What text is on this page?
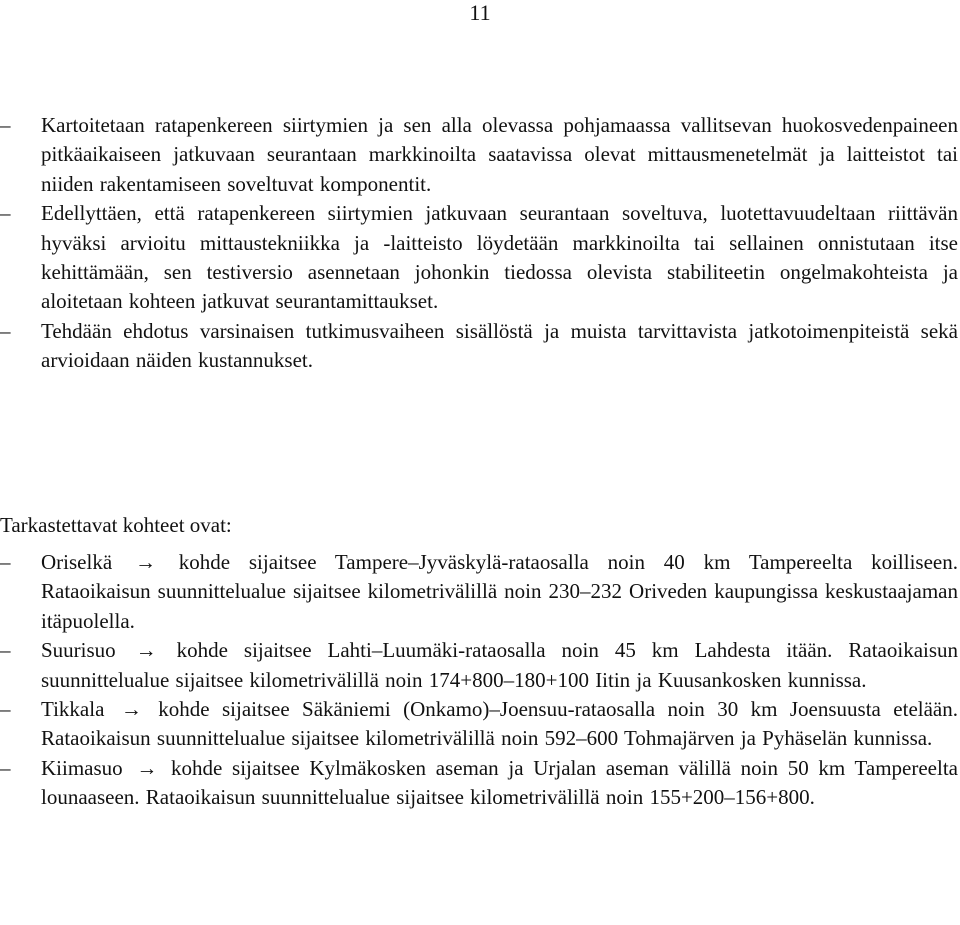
11
–	Kartoitetaan ratapenkereen siirtymien ja sen alla olevassa pohjamaassa vallitsevan huokosvedenpaineen pitkäaikaiseen jatkuvaan seurantaan markkinoilta saatavissa olevat mittausmenetelmät ja laitteistot tai niiden rakentamiseen soveltuvat komponentit.
–	Edellyttäen, että ratapenkereen siirtymien jatkuvaan seurantaan soveltuva, luotettavuudeltaan riittävän hyväksi arvioitu mittaustekniikka ja -laitteisto löydetään markkinoilta tai sellainen onnistutaan itse kehittämään, sen testiversio asennetaan johonkin tiedossa olevista stabiliteetin ongelmakohteista ja aloitetaan kohteen jatkuvat seurantamittaukset.
–	Tehdään ehdotus varsinaisen tutkimusvaiheen sisällöstä ja muista tarvittavista jatkotoimenpiteistä sekä arvioidaan näiden kustannukset.

Tarkastettavat kohteet ovat:

–	Oriselkä → kohde sijaitsee Tampere–Jyväskylä-rataosalla noin 40 km Tampereelta koilliseen. Rataoikaisun suunnittelualue sijaitsee kilometrivälillä noin 230–232 Oriveden kaupungissa keskustaajaman itäpuolella.
–	Suurisuo → kohde sijaitsee Lahti–Luumäki-rataosalla noin 45 km Lahdesta itään. Rataoikaisun suunnittelualue sijaitsee kilometrivälillä noin 174+800–180+100 Iitin ja Kuusankosken kunnissa.
–	Tikkala → kohde sijaitsee Säkäniemi (Onkamo)–Joensuu-rataosalla noin 30 km Joensuusta etelään. Rataoikaisun suunnittelualue sijaitsee kilometrivälillä noin 592–600 Tohmajärven ja Pyhäselän kunnissa.
–	Kiimasuo → kohde sijaitsee Kylmäkosken aseman ja Urjalan aseman välillä noin 50 km Tampereelta lounaaseen. Rataoikaisun suunnittelualue sijaitsee kilometrivälillä noin 155+200–156+800.
